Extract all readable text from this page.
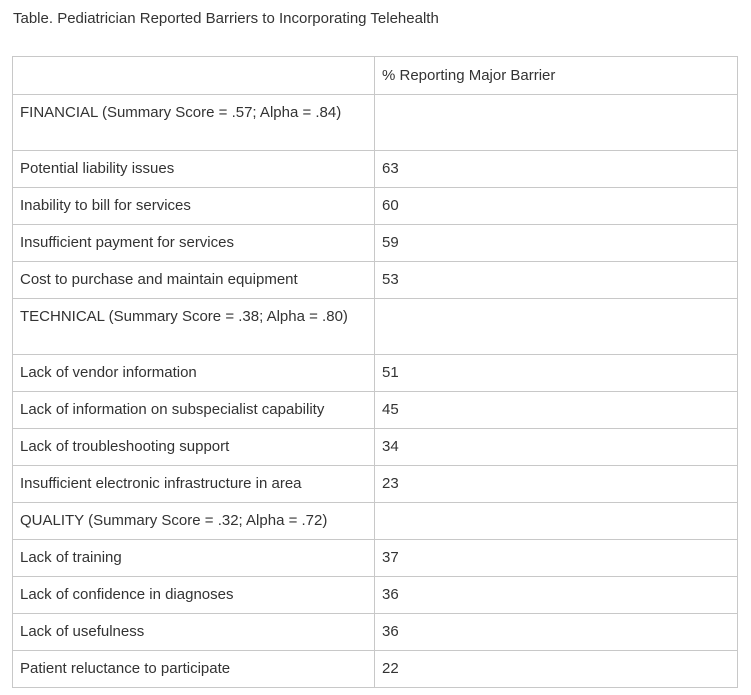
Table. Pediatrician Reported Barriers to Incorporating Telehealth

	% Reporting Major Barrier
FINANCIAL (Summary Score = .57; Alpha = .84)	
Potential liability issues	63
Inability to bill for services	60
Insufficient payment for services	59
Cost to purchase and maintain equipment	53
TECHNICAL (Summary Score = .38; Alpha = .80)	
Lack of vendor information	51
Lack of information on subspecialist capability	45
Lack of troubleshooting support	34
Insufficient electronic infrastructure in area	23
QUALITY (Summary Score = .32; Alpha = .72)	
Lack of training	37
Lack of confidence in diagnoses	36
Lack of usefulness	36
Patient reluctance to participate	22
